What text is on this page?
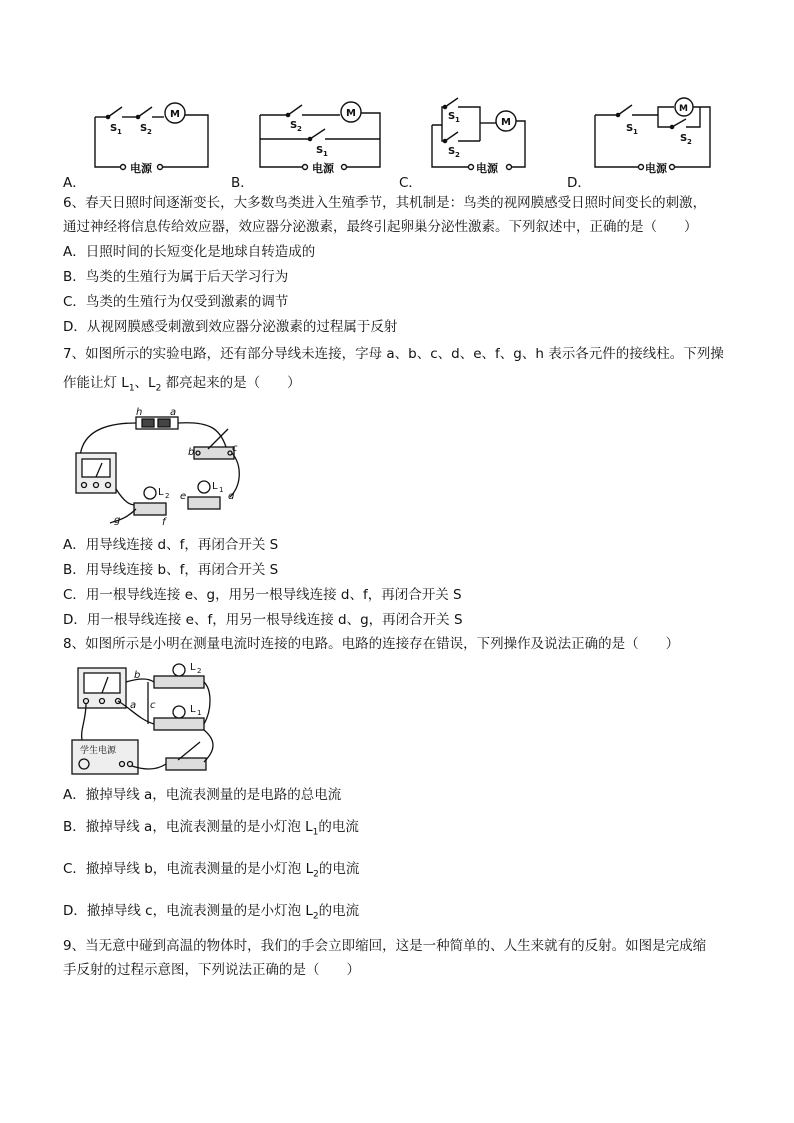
S 1 S 2
M
电源
S 2
S 1
M
电源
S 1
S 2
M
电源
S 1
S 2
M
电源
A．	B．	C．	D．
6、春天日照时间逐渐变长，大多数鸟类进入生殖季节，其机制是：鸟类的视网膜感受日照时间变长的刺激，
通过神经将信息传给效应器，效应器分泌激素，最终引起卵巢分泌性激素。下列叙述中，正确的是（　　）
A．日照时间的长短变化是地球自转造成的
B．鸟类的生殖行为属于后天学习行为
C．鸟类的生殖行为仅受到激素的调节
D．从视网膜感受刺激到效应器分泌激素的过程属于反射
7、如图所示的实验电路，还有部分导线未连接，字母 a、b、c、d、e、f、g、h 表示各元件的接线柱。下列操
作能让灯 $L_1$、$L_2$ 都亮起来的是（　　）
h	a
b	c
d
e
f
g
L 2
L 1
A．用导线连接 d、f，再闭合开关 S
B．用导线连接 b、f，再闭合开关 S
C．用一根导线连接 e、g，用另一根导线连接 d、f，再闭合开关 S
D．用一根导线连接 e、f，用另一根导线连接 d、g，再闭合开关 S
8、如图所示是小明在测量电流时连接的电路。电路的连接存在错误，下列操作及说法正确的是（　　）
a
b
c
L 2
L 1
学生电源
A．撤掉导线 a，电流表测量的是电路的总电流
B．撤掉导线 a，电流表测量的是小灯泡 $L_1$的电流
C．撤掉导线 b，电流表测量的是小灯泡 $L_2$的电流
D．撤掉导线 c，电流表测量的是小灯泡 $L_2$的电流
9、当无意中碰到高温的物体时，我们的手会立即缩回，这是一种简单的、人生来就有的反射。如图是完成缩
手反射的过程示意图，下列说法正确的是（　　）
